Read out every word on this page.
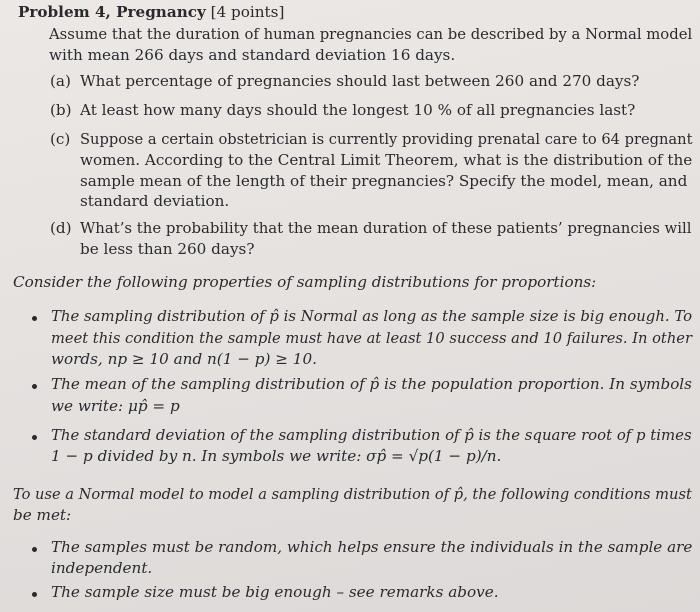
Problem 4, Pregnancy [4 points]
Assume that the duration of human pregnancies can be described by a Normal model
with mean 266 days and standard deviation 16 days.
(a) What percentage of pregnancies should last between 260 and 270 days?
(b) At least how many days should the longest 10 % of all pregnancies last?
(c) Suppose a certain obstetrician is currently providing prenatal care to 64 pregnant
women. According to the Central Limit Theorem, what is the distribution of the
sample mean of the length of their pregnancies? Specify the model, mean, and
standard deviation.
(d) What’s the probability that the mean duration of these patients’ pregnancies will
be less than 260 days?
Consider the following properties of sampling distributions for proportions:
The sampling distribution of p̂ is Normal as long as the sample size is big enough. To
meet this condition the sample must have at least 10 success and 10 failures. In other
words, np ≥ 10 and n(1 − p) ≥ 10.
The mean of the sampling distribution of p̂ is the population proportion. In symbols
we write: μp̂ = p
The standard deviation of the sampling distribution of p̂ is the square root of p times
1 − p divided by n. In symbols we write: σp̂ = √p(1 − p)/n.
To use a Normal model to model a sampling distribution of p̂, the following conditions must
be met:
The samples must be random, which helps ensure the individuals in the sample are
independent.
The sample size must be big enough – see remarks above.
